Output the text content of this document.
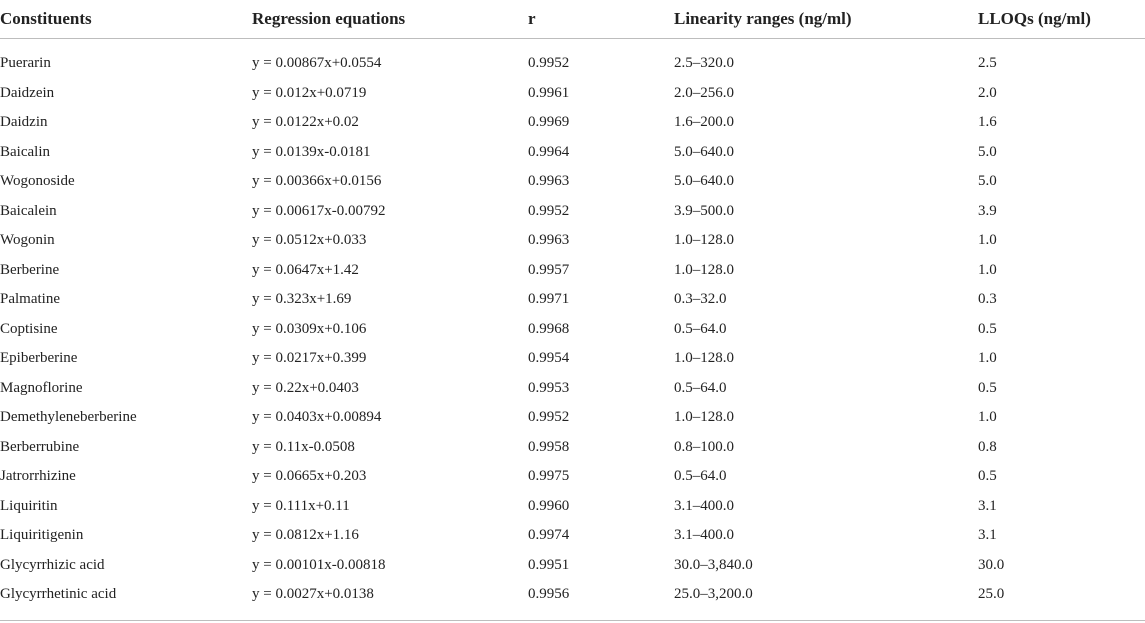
Constituents	Regression equations	r	Linearity ranges (ng/ml)	LLOQs (ng/ml)
Puerarin	y = 0.00867x+0.0554	0.9952	2.5–320.0	2.5
Daidzein	y = 0.012x+0.0719	0.9961	2.0–256.0	2.0
Daidzin	y = 0.0122x+0.02	0.9969	1.6–200.0	1.6
Baicalin	y = 0.0139x-0.0181	0.9964	5.0–640.0	5.0
Wogonoside	y = 0.00366x+0.0156	0.9963	5.0–640.0	5.0
Baicalein	y = 0.00617x-0.00792	0.9952	3.9–500.0	3.9
Wogonin	y = 0.0512x+0.033	0.9963	1.0–128.0	1.0
Berberine	y = 0.0647x+1.42	0.9957	1.0–128.0	1.0
Palmatine	y = 0.323x+1.69	0.9971	0.3–32.0	0.3
Coptisine	y = 0.0309x+0.106	0.9968	0.5–64.0	0.5
Epiberberine	y = 0.0217x+0.399	0.9954	1.0–128.0	1.0
Magnoflorine	y = 0.22x+0.0403	0.9953	0.5–64.0	0.5
Demethyleneberberine	y = 0.0403x+0.00894	0.9952	1.0–128.0	1.0
Berberrubine	y = 0.11x-0.0508	0.9958	0.8–100.0	0.8
Jatrorrhizine	y = 0.0665x+0.203	0.9975	0.5–64.0	0.5
Liquiritin	y = 0.111x+0.11	0.9960	3.1–400.0	3.1
Liquiritigenin	y = 0.0812x+1.16	0.9974	3.1–400.0	3.1
Glycyrrhizic acid	y = 0.00101x-0.00818	0.9951	30.0–3,840.0	30.0
Glycyrrhetinic acid	y = 0.0027x+0.0138	0.9956	25.0–3,200.0	25.0
